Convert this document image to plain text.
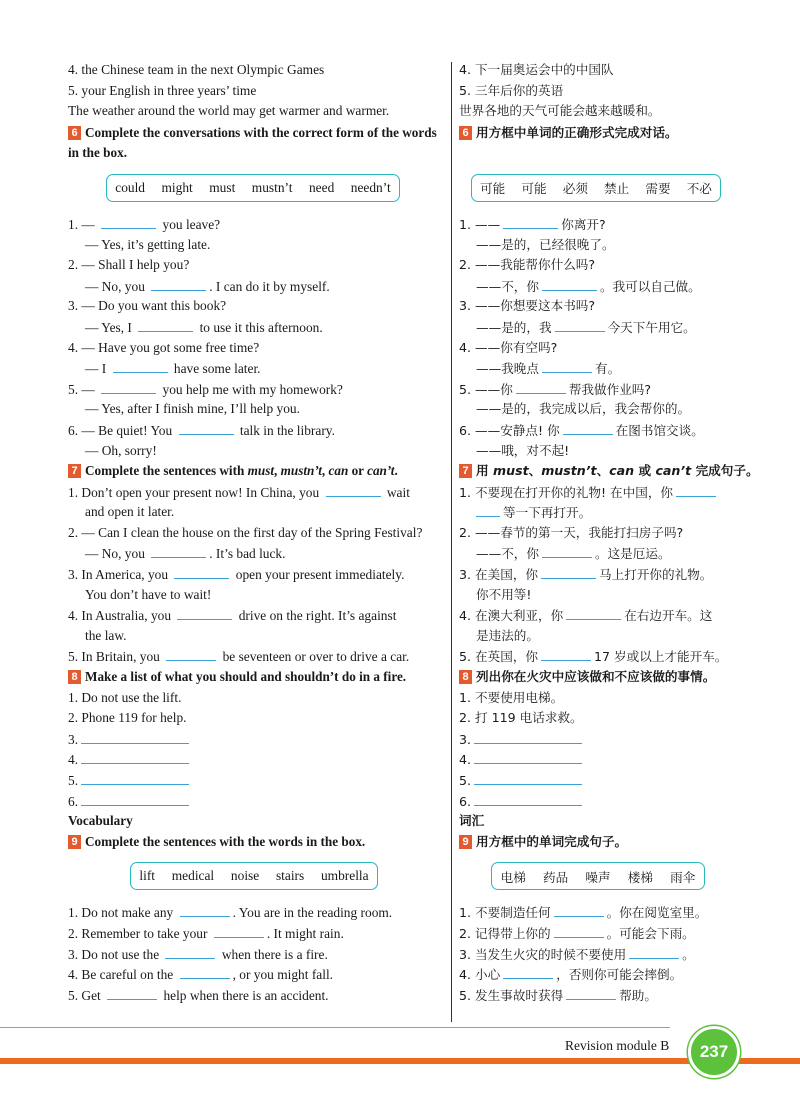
4. the Chinese team in the next Olympic Games
5. your English in three years’ time
The weather around the world may get warmer and warmer.
6 Complete the conversations with the correct form of the words
in the box.
could might must mustn’t need needn’t
1. —	you leave?
— Yes, it’s getting late.
2. — Shall I help you?
— No, you	. I can do it by myself.
3. — Do you want this book?
— Yes, I	to use it this afternoon.
4. — Have you got some free time?
— I	have some later.
5. —	you help me with my homework?
— Yes, after I finish mine, I’ll help you.
6. — Be quiet! You	talk in the library.
— Oh, sorry!
7 Complete the sentences with must, mustn’t, can or can’t.
1. Don’t open your present now! In China, you	wait
and open it later.
2. — Can I clean the house on the first day of the Spring Festival?
— No, you	. It’s bad luck.
3. In America, you	open your present immediately.
You don’t have to wait!
4. In Australia, you	drive on the right. It’s against
the law.
5. In Britain, you	be seventeen or over to drive a car.
8 Make a list of what you should and shouldn’t do in a fire.
1. Do not use the lift.
2. Phone 119 for help.
3.
4.
5.
6.
Vocabulary
9 Complete the sentences with the words in the box.
lift medical noise stairs umbrella
1. Do not make any	. You are in the reading room.
2. Remember to take your	. It might rain.
3. Do not use the	when there is a fire.
4. Be careful on the	, or you might fall.
5. Get	help when there is an accident.
4. 下一届奥运会中的中国队
5. 三年后你的英语
世界各地的天气可能会越来越暖和。
6 用方框中单词的正确形式完成对话。
可能 可能 必须 禁止 需要 不必
1. ——	你离开?
——是的，已经很晚了。
2. ——我能帮你什么吗?
——不，你	。我可以自己做。
3. ——你想要这本书吗?
——是的，我	今天下午用它。
4. ——你有空吗?
——我晚点	有。
5. ——你	帮我做作业吗?
——是的，我完成以后，我会帮你的。
6. ——安静点! 你	在图书馆交谈。
——哦，对不起!
7 用 must、mustn’t、can 或 can’t 完成句子。
1. 不要现在打开你的礼物! 在中国，你
等一下再打开。
2. ——春节的第一天，我能打扫房子吗?
——不，你	。这是厄运。
3. 在美国，你	马上打开你的礼物。
你不用等!
4. 在澳大利亚，你	在右边开车。这
是违法的。
5. 在英国，你	17 岁或以上才能开车。
8 列出你在火灾中应该做和不应该做的事情。
1. 不要使用电梯。
2. 打 119 电话求救。
3.
4.
5.
6.
词汇
9 用方框中的单词完成句子。
电梯 药品 噪声 楼梯 雨伞
1. 不要制造任何	。你在阅览室里。
2. 记得带上你的	。可能会下雨。
3. 当发生火灾的时候不要使用	。
4. 小心	，否则你可能会摔倒。
5. 发生事故时获得	帮助。
Revision module B	237
